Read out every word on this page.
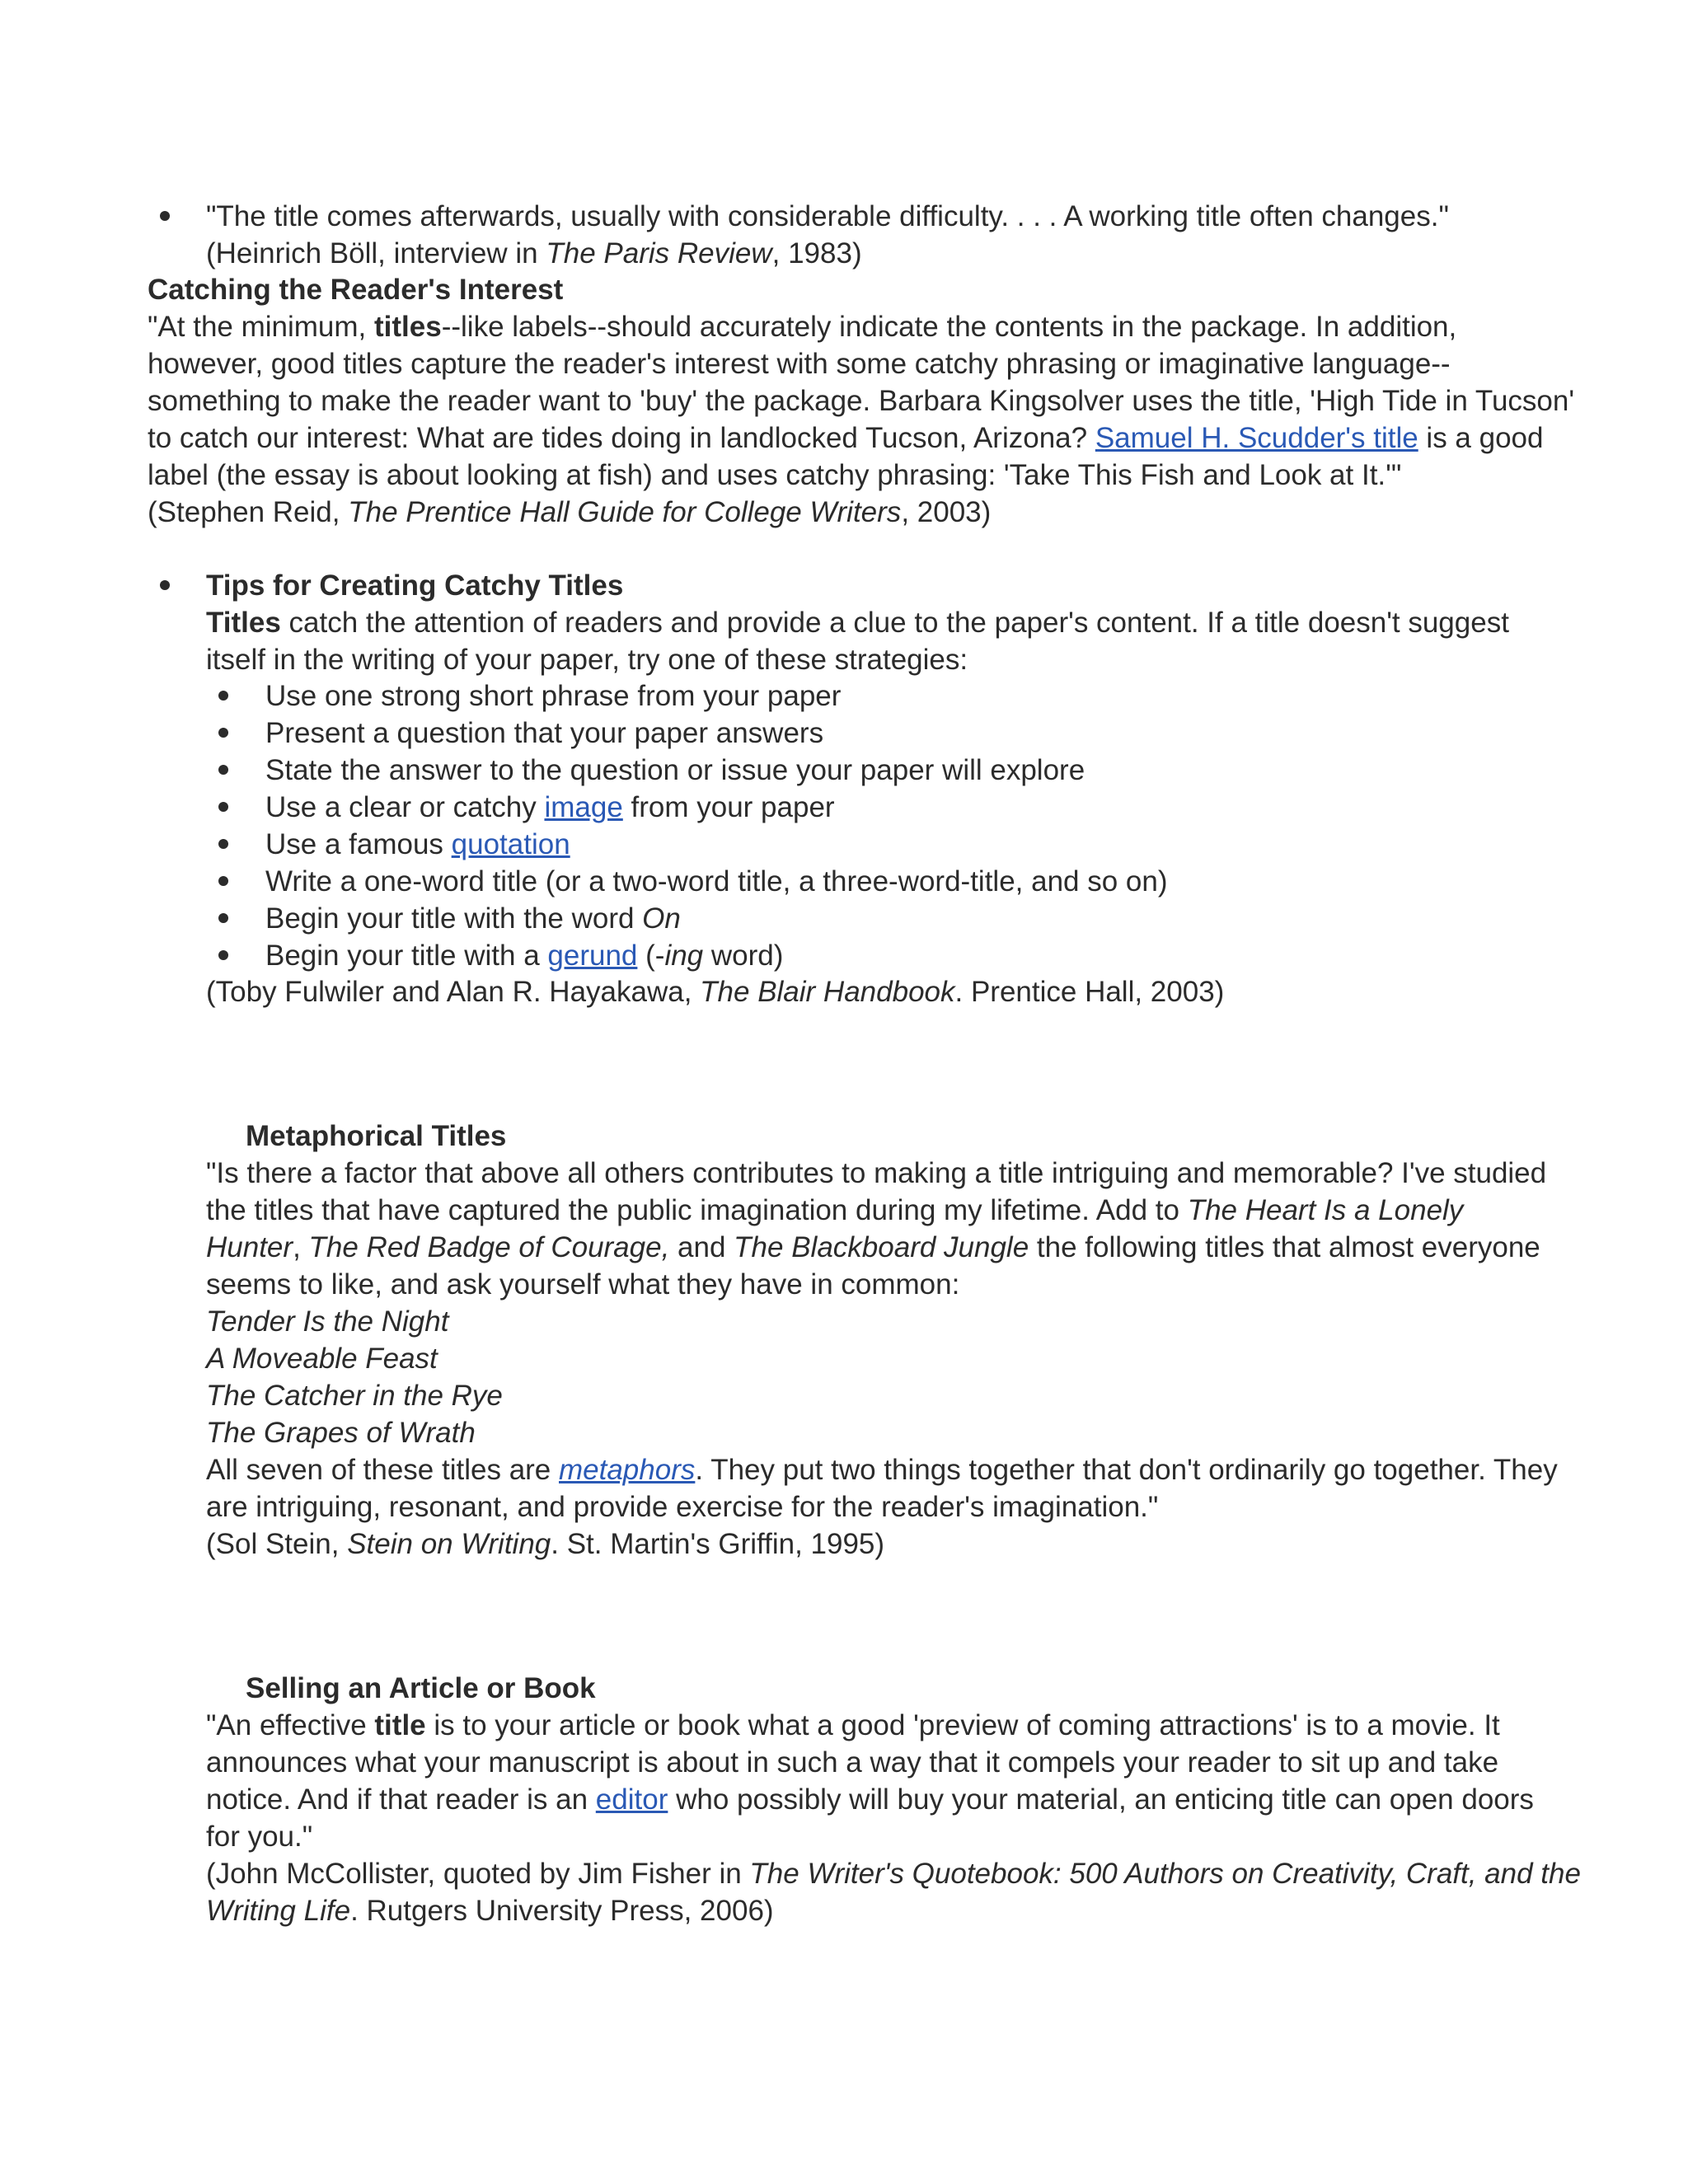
"The title comes afterwards, usually with considerable difficulty. . . . A working title often changes."
(Heinrich Böll, interview in The Paris Review, 1983)
Catching the Reader's Interest
"At the minimum, titles--like labels--should accurately indicate the contents in the package. In addition,
however, good titles capture the reader's interest with some catchy phrasing or imaginative language--
something to make the reader want to 'buy' the package. Barbara Kingsolver uses the title, 'High Tide in Tucson'
to catch our interest: What are tides doing in landlocked Tucson, Arizona? Samuel H. Scudder's title is a good
label (the essay is about looking at fish) and uses catchy phrasing: 'Take This Fish and Look at It.'"
(Stephen Reid, The Prentice Hall Guide for College Writers, 2003)
Tips for Creating Catchy Titles
Titles catch the attention of readers and provide a clue to the paper's content. If a title doesn't suggest
itself in the writing of your paper, try one of these strategies:
Use one strong short phrase from your paper
Present a question that your paper answers
State the answer to the question or issue your paper will explore
Use a clear or catchy image from your paper
Use a famous quotation
Write a one-word title (or a two-word title, a three-word-title, and so on)
Begin your title with the word On
Begin your title with a gerund (-ing word)
(Toby Fulwiler and Alan R. Hayakawa, The Blair Handbook. Prentice Hall, 2003)
Metaphorical Titles
"Is there a factor that above all others contributes to making a title intriguing and memorable? I've studied
the titles that have captured the public imagination during my lifetime. Add to The Heart Is a Lonely
Hunter, The Red Badge of Courage, and The Blackboard Jungle the following titles that almost everyone
seems to like, and ask yourself what they have in common:
Tender Is the Night
A Moveable Feast
The Catcher in the Rye
The Grapes of Wrath
All seven of these titles are metaphors. They put two things together that don't ordinarily go together. They
are intriguing, resonant, and provide exercise for the reader's imagination."
(Sol Stein, Stein on Writing. St. Martin's Griffin, 1995)
Selling an Article or Book
"An effective title is to your article or book what a good 'preview of coming attractions' is to a movie. It
announces what your manuscript is about in such a way that it compels your reader to sit up and take
notice. And if that reader is an editor who possibly will buy your material, an enticing title can open doors
for you."
(John McCollister, quoted by Jim Fisher in The Writer's Quotebook: 500 Authors on Creativity, Craft, and the
Writing Life. Rutgers University Press, 2006)
